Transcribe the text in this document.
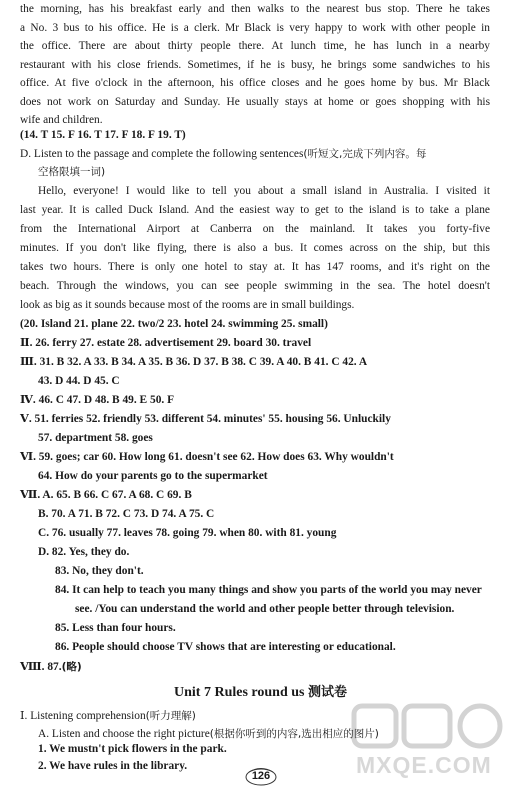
the morning, has his breakfast early and then walks to the nearest bus stop. There he takes
a No. 3 bus to his office. He is a clerk. Mr Black is very happy to work with other people in
the office. There are about thirty people there. At lunch time, he has lunch in a nearby
restaurant with his close friends. Sometimes, if he is busy, he brings some sandwiches to his
office. At five o'clock in the afternoon, his office closes and he goes home by bus. Mr Black
does not work on Saturday and Sunday. He usually stays at home or goes shopping with his
wife and children.
(14. T 15. F 16. T 17. F 18. F 19. T)
D. Listen to the passage and complete the following sentences(听短文,完成下列内容。每
空格限填一词)
Hello, everyone! I would like to tell you about a small island in Australia. I visited it
last year. It is called Duck Island. And the easiest way to get to the island is to take a plane
from the International Airport at Canberra on the mainland. It takes you forty-five
minutes. If you don't like flying, there is also a bus. It comes across on the ship, but this
takes two hours. There is only one hotel to stay at. It has 147 rooms, and it's right on the
beach. Through the windows, you can see people swimming in the sea. The hotel doesn't
look as big as it sounds because most of the rooms are in small buildings.
(20. Island 21. plane 22. two/2 23. hotel 24. swimming 25. small)
Ⅱ. 26. ferry 27. estate 28. advertisement 29. board 30. travel
Ⅲ. 31. B 32. A 33. B 34. A 35. B 36. D 37. B 38. C 39. A 40. B 41. C 42. A
43. D 44. D 45. C
Ⅳ. 46. C 47. D 48. B 49. E 50. F
Ⅴ. 51. ferries 52. friendly 53. different 54. minutes' 55. housing 56. Unluckily
57. department 58. goes
Ⅵ. 59. goes; car 60. How long 61. doesn't see 62. How does 63. Why wouldn't
64. How do your parents go to the supermarket
Ⅶ. A. 65. B 66. C 67. A 68. C 69. B
B. 70. A 71. B 72. C 73. D 74. A 75. C
C. 76. usually 77. leaves 78. going 79. when 80. with 81. young
D. 82. Yes, they do.
83. No, they don't.
84. It can help to teach you many things and show you parts of the world you may never
see. /You can understand the world and other people better through television.
85. Less than four hours.
86. People should choose TV shows that are interesting or educational.
Ⅷ. 87.(略)
Unit 7 Rules round us 测试卷
Ⅰ. Listening comprehension(听力理解)
A. Listen and choose the right picture(根据你听到的内容,选出相应的图片)
1. We mustn't pick flowers in the park.
2. We have rules in the library.
126	MXQE.COM
